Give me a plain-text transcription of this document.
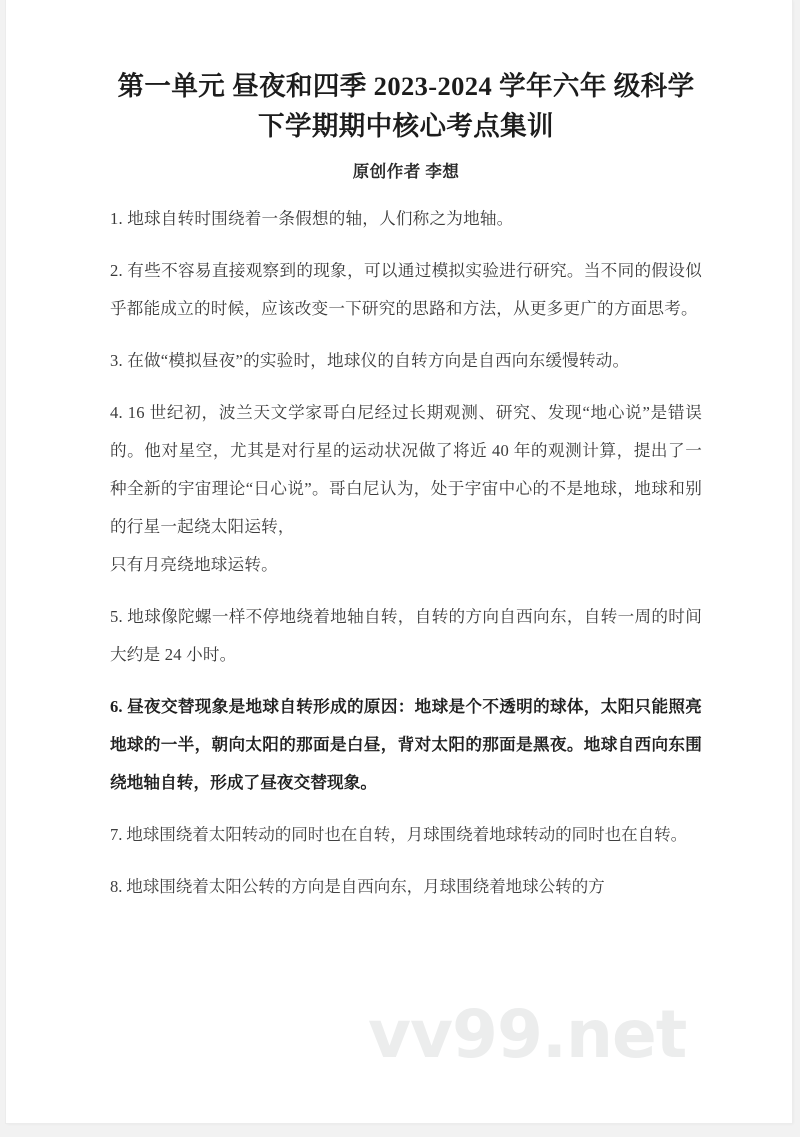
vv99.net
第一单元 昼夜和四季 2023-2024 学年六年 级科学下学期期中核心考点集训

原创作者 李想

1. 地球自转时围绕着一条假想的轴，人们称之为地轴。

2. 有些不容易直接观察到的现象，可以通过模拟实验进行研究。当不同的假设似乎都能成立的时候，应该改变一下研究的思路和方法，从更多更广的方面思考。

3. 在做“模拟昼夜”的实验时，地球仪的自转方向是自西向东缓慢转动。

4. 16 世纪初，波兰天文学家哥白尼经过长期观测、研究、发现“地心说”是错误的。他对星空，尤其是对行星的运动状况做了将近 40 年的观测计算，提出了一种全新的宇宙理论“日心说”。哥白尼认为，处于宇宙中心的不是地球，地球和别的行星一起绕太阳运转，
只有月亮绕地球运转。

5. 地球像陀螺一样不停地绕着地轴自转，自转的方向自西向东，自转一周的时间大约是 24 小时。

6. 昼夜交替现象是地球自转形成的原因：地球是个不透明的球体，太阳只能照亮地球的一半，朝向太阳的那面是白昼，背对太阳的那面是黑夜。地球自西向东围绕地轴自转，形成了昼夜交替现象。

7. 地球围绕着太阳转动的同时也在自转，月球围绕着地球转动的同时也在自转。

8. 地球围绕着太阳公转的方向是自西向东，月球围绕着地球公转的方
